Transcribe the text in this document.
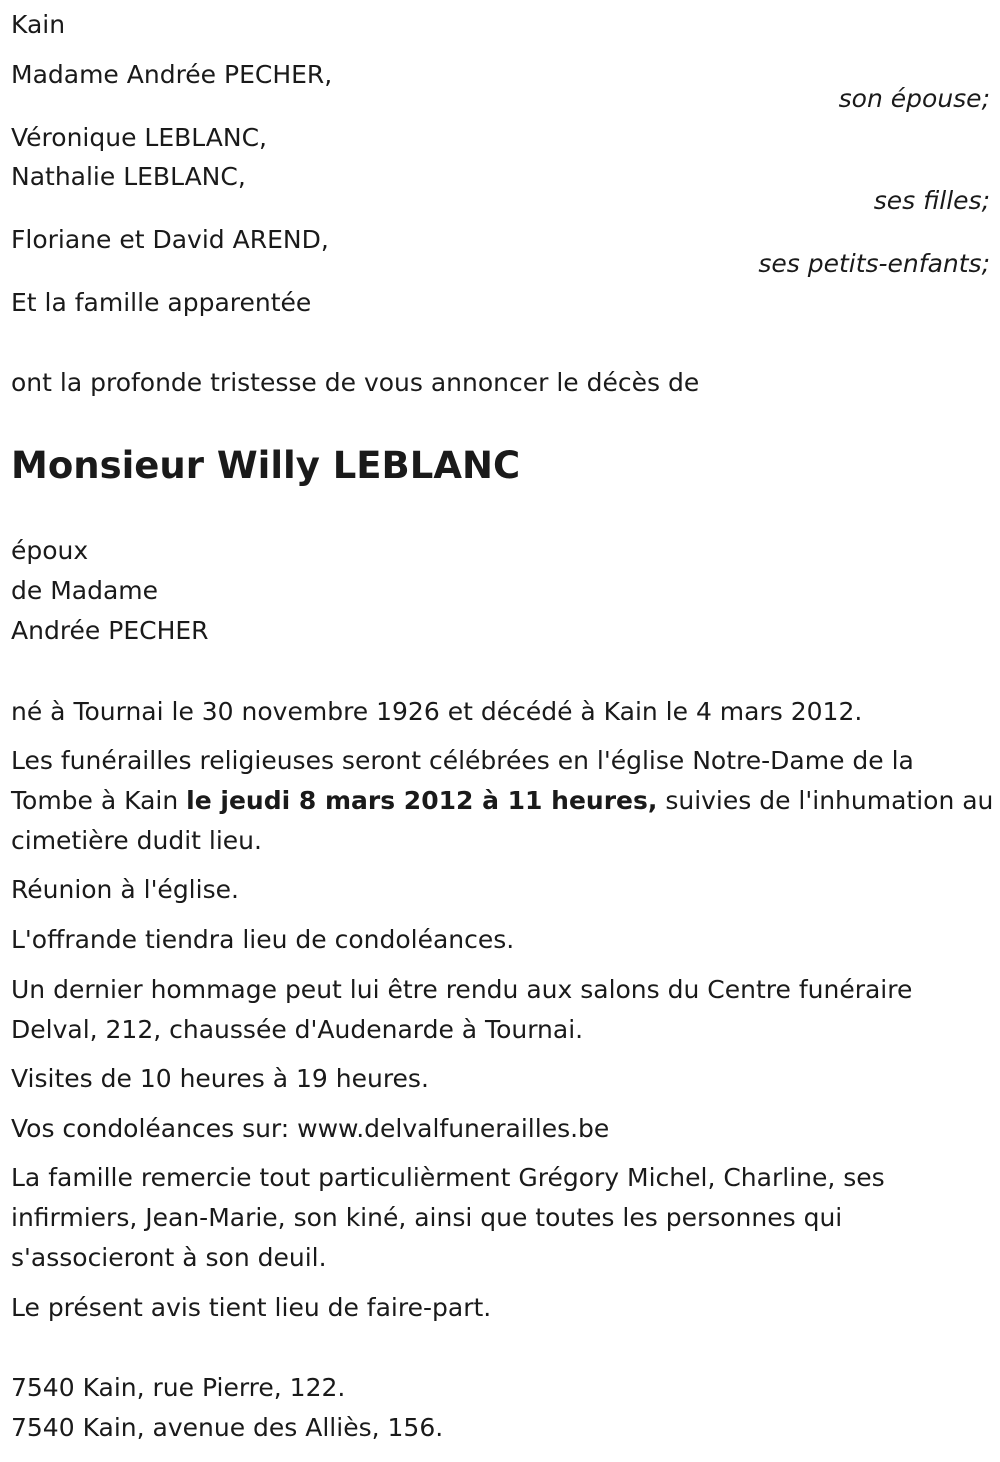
Kain
Madame Andrée PECHER,
son épouse;
Véronique LEBLANC,
Nathalie LEBLANC,
ses filles;
Floriane et David AREND,
ses petits-enfants;
Et la famille apparentée
ont la profonde tristesse de vous annoncer le décès de
Monsieur Willy LEBLANC
époux
de Madame
Andrée PECHER
né à Tournai le 30 novembre 1926 et décédé à Kain le 4 mars 2012.
Les funérailles religieuses seront célébrées en l'église Notre-Dame de la
Tombe à Kain le jeudi 8 mars 2012 à 11 heures, suivies de l'inhumation au
cimetière dudit lieu.
Réunion à l'église.
L'offrande tiendra lieu de condoléances.
Un dernier hommage peut lui être rendu aux salons du Centre funéraire
Delval, 212, chaussée d'Audenarde à Tournai.
Visites de 10 heures à 19 heures.
Vos condoléances sur: www.delvalfunerailles.be
La famille remercie tout particulièrment Grégory Michel, Charline, ses
infirmiers, Jean-Marie, son kiné, ainsi que toutes les personnes qui
s'associeront à son deuil.
Le présent avis tient lieu de faire-part.
7540 Kain, rue Pierre, 122.
7540 Kain, avenue des Alliès, 156.
